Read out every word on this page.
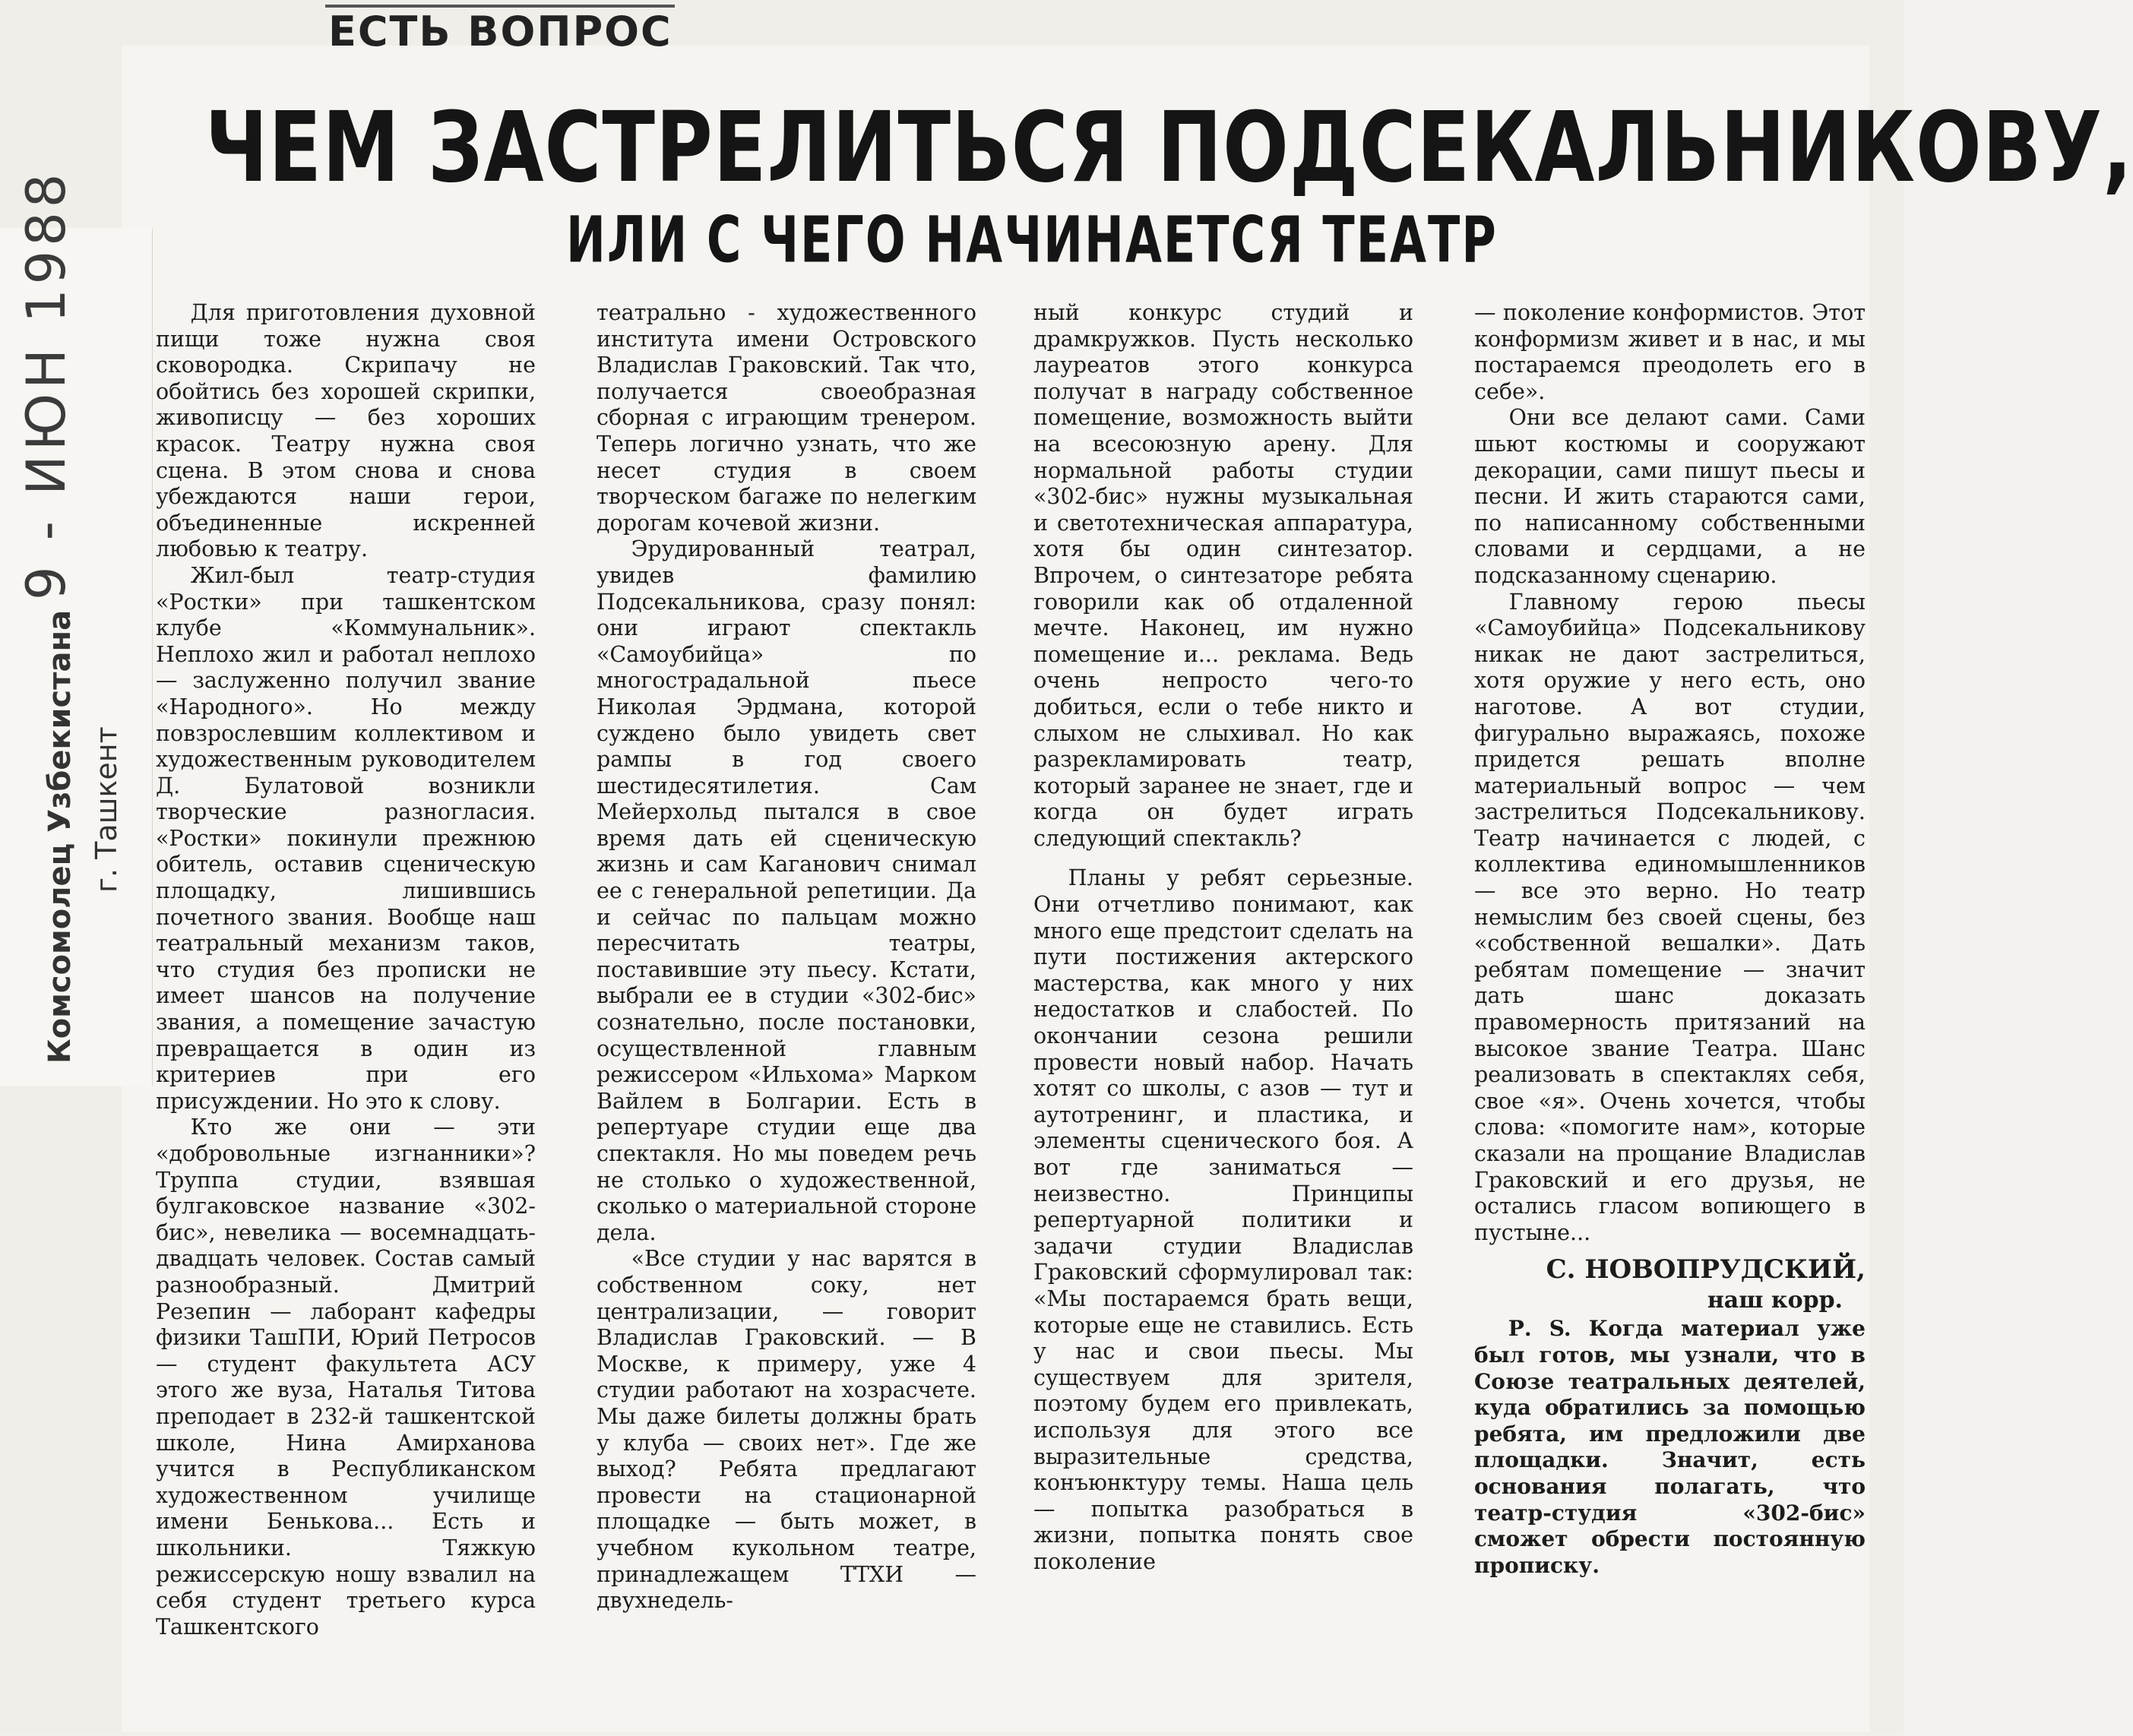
9 - ИЮН 1988
Комсомолец Узбекистана г. Ташкент
ЕСТЬ ВОПРОС
ЧЕМ ЗАСТРЕЛИТЬСЯ ПОДСЕКАЛЬНИКОВУ,
ИЛИ С ЧЕГО НАЧИНАЕТСЯ ТЕАТР

Для приготовления духовной пищи тоже нужна своя сковородка. Скрипачу не обойтись без хорошей скрипки, живописцу — без хороших красок. Театру нужна своя сцена. В этом снова и снова убеждаются наши герои, объединенные искренней любовью к театру.

Жил-был театр-студия «Ростки» при ташкентском клубе «Коммунальник». Неплохо жил и работал неплохо — заслуженно получил звание «Народного». Но между повзрослевшим коллективом и художественным руководителем Д. Булатовой возникли творческие разногласия. «Ростки» покинули прежнюю обитель, оставив сценическую площадку, лишившись почетного звания. Вообще наш театральный механизм таков, что студия без прописки не имеет шансов на получение звания, а помещение зачастую превращается в один из критериев при его присуждении. Но это к слову.

Кто же они — эти «добровольные изгнанники»? Труппа студии, взявшая булгаковское название «302-бис», невелика — восемнадцать-двадцать человек. Состав самый разнообразный. Дмитрий Резепин — лаборант кафедры физики ТашПИ, Юрий Петросов — студент факультета АСУ этого же вуза, Наталья Титова преподает в 232-й ташкентской школе, Нина Амирханова учится в Республиканском художественном училище имени Бенькова... Есть и школьники. Тяжкую режиссерскую ношу взвалил на себя студент третьего курса Ташкентского

театрально - художественного института имени Островского Владислав Граковский. Так что, получается своеобразная сборная с играющим тренером. Теперь логично узнать, что же несет студия в своем творческом багаже по нелегким дорогам кочевой жизни.

Эрудированный театрал, увидев фамилию Подсекальникова, сразу понял: они играют спектакль «Самоубийца» по многострадальной пьесе Николая Эрдмана, которой суждено было увидеть свет рампы в год своего шестидесятилетия. Сам Мейерхольд пытался в свое время дать ей сценическую жизнь и сам Каганович снимал ее с генеральной репетиции. Да и сейчас по пальцам можно пересчитать театры, поставившие эту пьесу. Кстати, выбрали ее в студии «302-бис» сознательно, после постановки, осуществленной главным режиссером «Ильхома» Марком Вайлем в Болгарии. Есть в репертуаре студии еще два спектакля. Но мы поведем речь не столько о художественной, сколько о материальной стороне дела.

«Все студии у нас варятся в собственном соку, нет централизации, — говорит Владислав Граковский. — В Москве, к примеру, уже 4 студии работают на хозрасчете. Мы даже билеты должны брать у клуба — своих нет». Где же выход? Ребята предлагают провести на стационарной площадке — быть может, в учебном кукольном театре, принадлежащем ТТХИ — двухнедель-

ный конкурс студий и драмкружков. Пусть несколько лауреатов этого конкурса получат в награду собственное помещение, возможность выйти на всесоюзную арену. Для нормальной работы студии «302-бис» нужны музыкальная и светотехническая аппаратура, хотя бы один синтезатор. Впрочем, о синтезаторе ребята говорили как об отдаленной мечте. Наконец, им нужно помещение и... реклама. Ведь очень непросто чего-то добиться, если о тебе никто и слыхом не слыхивал. Но как разрекламировать театр, который заранее не знает, где и когда он будет играть следующий спектакль?

Планы у ребят серьезные. Они отчетливо понимают, как много еще предстоит сделать на пути постижения актерского мастерства, как много у них недостатков и слабостей. По окончании сезона решили провести новый набор. Начать хотят со школы, с азов — тут и аутотренинг, и пластика, и элементы сценического боя. А вот где заниматься — неизвестно. Принципы репертуарной политики и задачи студии Владислав Граковский сформулировал так: «Мы постараемся брать вещи, которые еще не ставились. Есть у нас и свои пьесы. Мы существуем для зрителя, поэтому будем его привлекать, используя для этого все выразительные средства, конъюнктуру темы. Наша цель — попытка разобраться в жизни, попытка понять свое поколение

— поколение конформистов. Этот конформизм живет и в нас, и мы постараемся преодолеть его в себе».

Они все делают сами. Сами шьют костюмы и сооружают декорации, сами пишут пьесы и песни. И жить стараются сами, по написанному собственными словами и сердцами, а не подсказанному сценарию.

Главному герою пьесы «Самоубийца» Подсекальникову никак не дают застрелиться, хотя оружие у него есть, оно наготове. А вот студии, фигурально выражаясь, похоже придется решать вполне материальный вопрос — чем застрелиться Подсекальникову. Театр начинается с людей, с коллектива единомышленников — все это верно. Но театр немыслим без своей сцены, без «собственной вешалки». Дать ребятам помещение — значит дать шанс доказать правомерность притязаний на высокое звание Театра. Шанс реализовать в спектаклях себя, свое «я». Очень хочется, чтобы слова: «помогите нам», которые сказали на прощание Владислав Граковский и его друзья, не остались гласом вопиющего в пустыне...

С. НОВОПРУДСКИЙ,
наш корр.

Р. S. Когда материал уже был готов, мы узнали, что в Союзе театральных деятелей, куда обратились за помощью ребята, им предложили две площадки. Значит, есть основания полагать, что театр-студия «302-бис» сможет обрести постоянную прописку.
